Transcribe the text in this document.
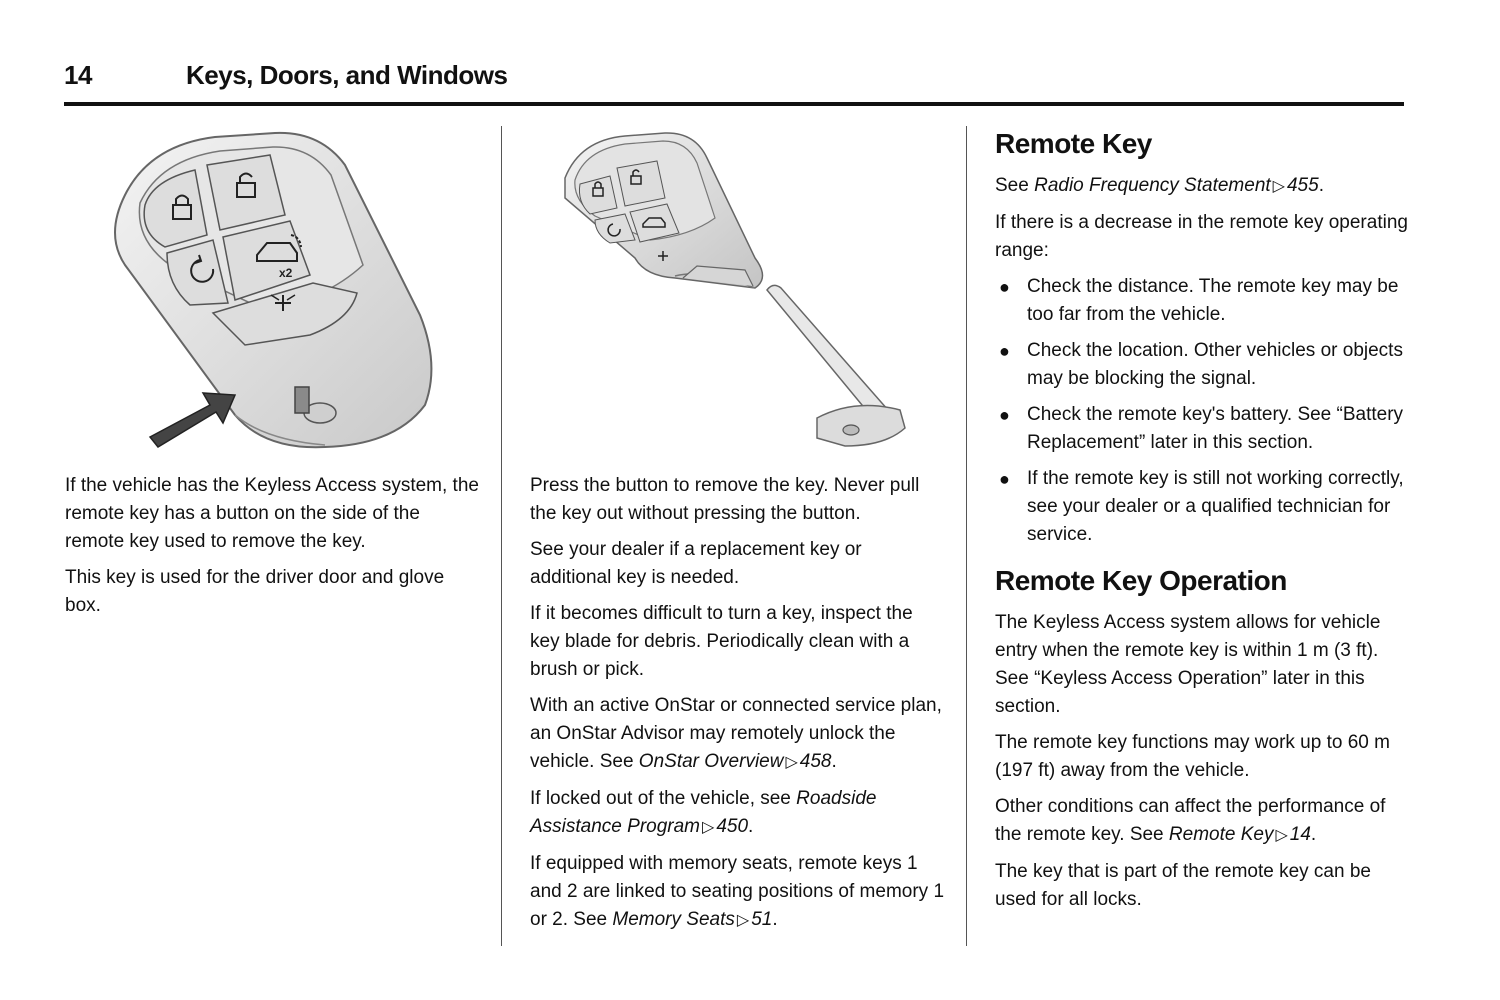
14	Keys, Doors, and Windows
x2

If the vehicle has the Keyless Access system, the remote key has a button on the side of the remote key used to remove the key.

This key is used for the driver door and glove box.

Press the button to remove the key. Never pull the key out without pressing the button.

See your dealer if a replacement key or additional key is needed.

If it becomes difficult to turn a key, inspect the key blade for debris. Periodically clean with a brush or pick.

With an active OnStar or connected service plan, an OnStar Advisor may remotely unlock the vehicle. See OnStar Overview ▷ 458.

If locked out of the vehicle, see Roadside Assistance Program ▷ 450.

If equipped with memory seats, remote keys 1 and 2 are linked to seating positions of memory 1 or 2. See Memory Seats ▷ 51.

Remote Key

See Radio Frequency Statement ▷ 455.

If there is a decrease in the remote key operating range:

● Check the distance. The remote key may be too far from the vehicle.
● Check the location. Other vehicles or objects may be blocking the signal.
● Check the remote key's battery. See “Battery Replacement” later in this section.
● If the remote key is still not working correctly, see your dealer or a qualified technician for service.
Remote Key Operation

The Keyless Access system allows for vehicle entry when the remote key is within 1 m (3 ft). See “Keyless Access Operation” later in this section.

The remote key functions may work up to 60 m (197 ft) away from the vehicle.

Other conditions can affect the performance of the remote key. See Remote Key ▷ 14.

The key that is part of the remote key can be used for all locks.
